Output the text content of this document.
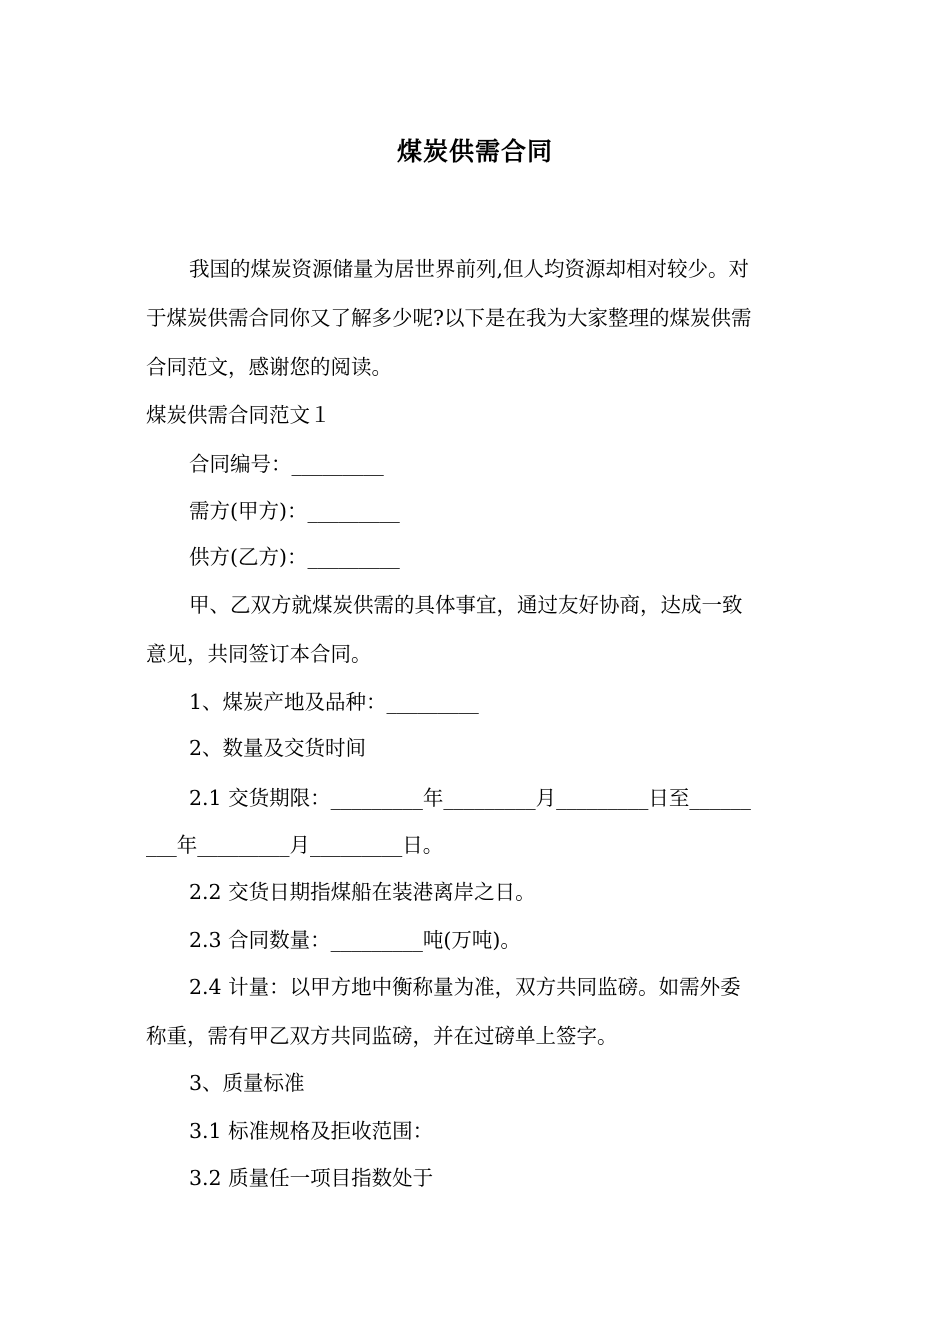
煤炭供需合同
我国的煤炭资源储量为居世界前列,但人均资源却相对较少。对
于煤炭供需合同你又了解多少呢?以下是在我为大家整理的煤炭供需
合同范文，感谢您的阅读。
煤炭供需合同范文１
合同编号：_________
需方(甲方)：_________
供方(乙方)：_________
甲、乙双方就煤炭供需的具体事宜，通过友好协商，达成一致
意见，共同签订本合同。
1、煤炭产地及品种：_________
2、数量及交货时间
2.1 交货期限：_________年_________月_________日至______
___年_________月_________日。
2.2 交货日期指煤船在装港离岸之日。
2.3 合同数量：_________吨(万吨)。
2.4 计量：以甲方地中衡称量为准，双方共同监磅。如需外委
称重，需有甲乙双方共同监磅，并在过磅单上签字。
3、质量标准
3.1 标准规格及拒收范围：
3.2 质量任一项目指数处于
